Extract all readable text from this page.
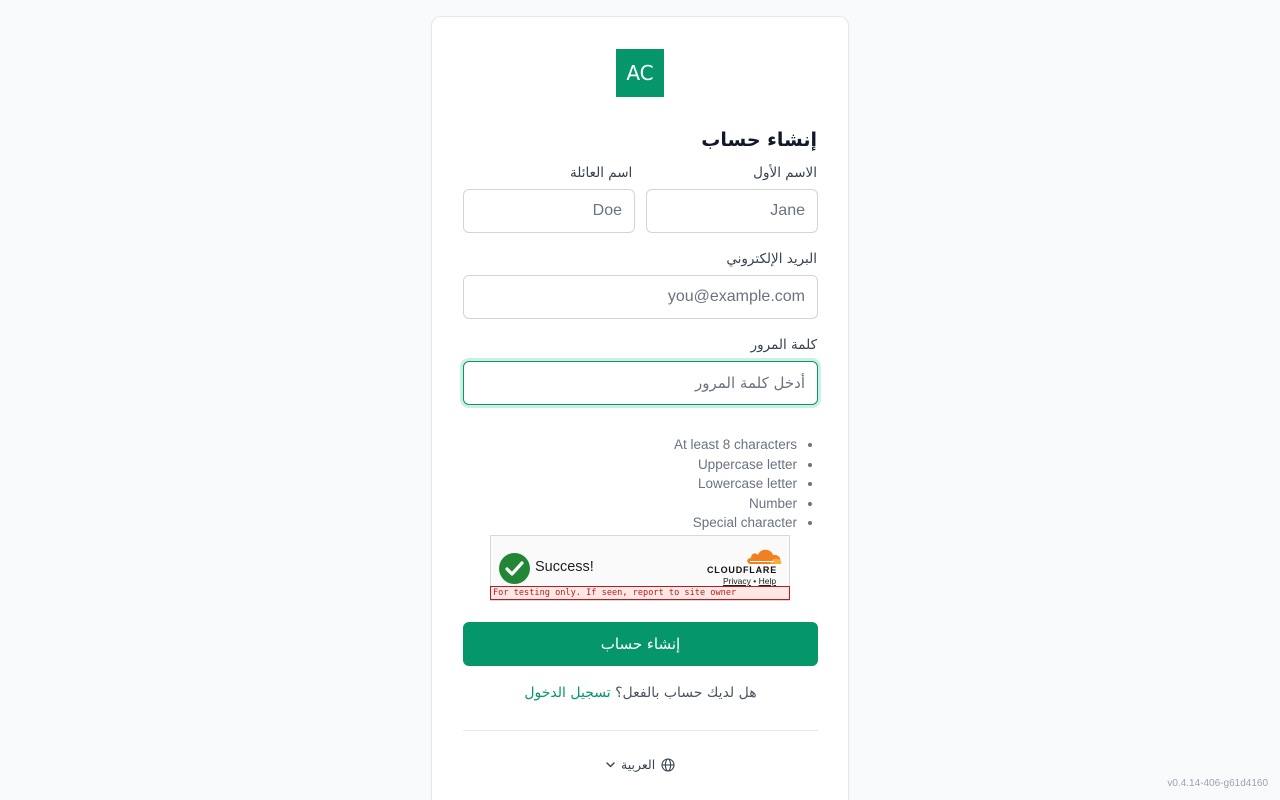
AC
إنشاء حساب
الاسم الأول
اسم العائلة
Jane
Doe
البريد الإلكتروني
you@example.com
كلمة المرور
أدخل كلمة المرور
At least 8 characters
Uppercase letter
Lowercase letter
Number
Special character
Success!	CLOUDFLARE
Privacy • Help
For testing only. If seen, report to site owner
إنشاء حساب

هل لديك حساب بالفعل؟ تسجيل الدخول

العربية
v0.4.14-406-g61d4160
